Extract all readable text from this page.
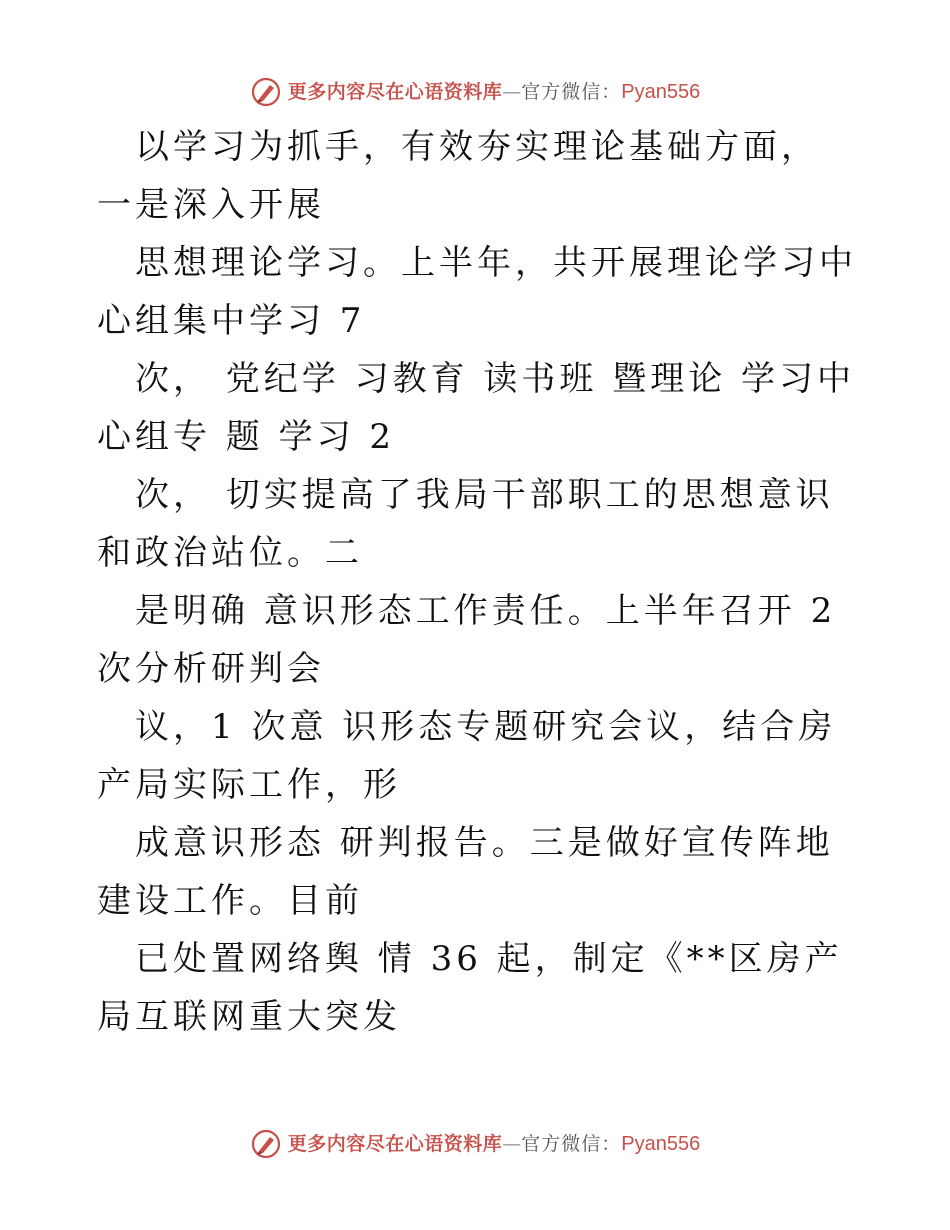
更多内容尽在心语资料库 — 官方微信： Pyan556

以学习为抓手，有效夯实理论基础方面， 一是深入开展

思想理论学习。上半年，共开展理论学习中心组集中学习 7

次， 党纪学 习教育 读书班 暨理论 学习中 心组专 题 学习 2

次， 切实提高了我局干部职工的思想意识和政治站位。二

是明确 意识形态工作责任。上半年召开 2 次分析研判会

议，1 次意 识形态专题研究会议，结合房产局实际工作，形

成意识形态 研判报告。三是做好宣传阵地建设工作。目前

已处置网络舆 情 36 起，制定《**区房产局互联网重大突发

更多内容尽在心语资料库 — 官方微信： Pyan556
